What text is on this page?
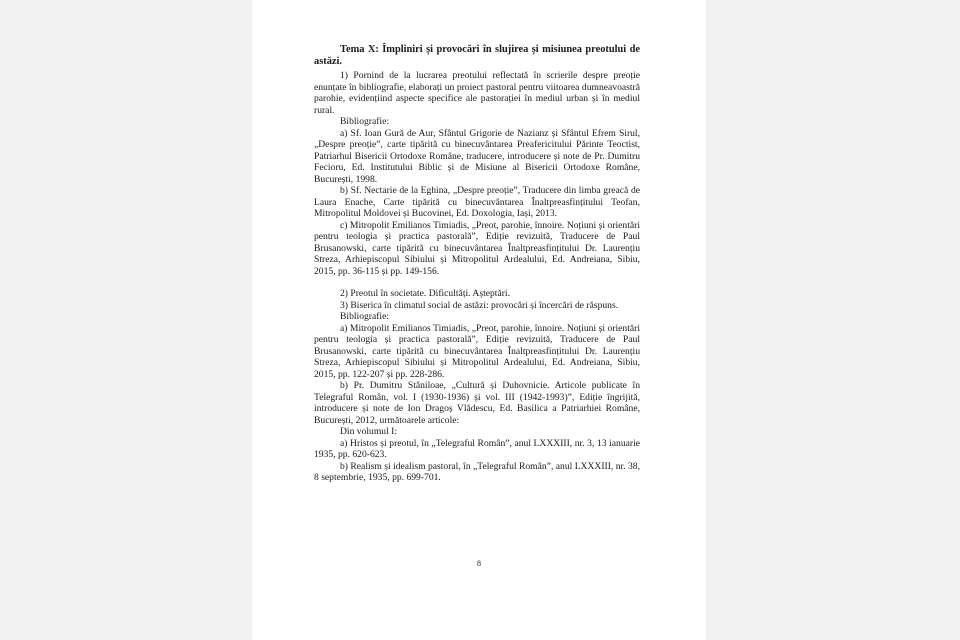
Tema X: Împliniri și provocări în slujirea și misiunea preotului de astăzi.

1) Pornind de la lucrarea preotului reflectată în scrierile despre preoție enunțate în bibliografie, elaborați un proiect pastoral pentru viitoarea dumneavoastră parohie, evidențiind aspecte specifice ale pastorației în mediul urban și în mediul rural.

Bibliografie:

a) Sf. Ioan Gură de Aur, Sfântul Grigorie de Nazianz și Sfântul Efrem Sirul, „Despre preoție”, carte tipărită cu binecuvântarea Preafericitului Părinte Teoctist, Patriarhul Bisericii Ortodoxe Române, traducere, introducere și note de Pr. Dumitru Fecioru, Ed. Institutului Biblic și de Misiune al Bisericii Ortodoxe Române, București, 1998.

b) Sf. Nectarie de la Eghina, „Despre preoție”, Traducere din limba greacă de Laura Enache, Carte tipărită cu binecuvântarea Înaltpreasfințitului Teofan, Mitropolitul Moldovei și Bucovinei, Ed. Doxologia, Iași, 2013.

c) Mitropolit Emilianos Timiadis, „Preot, parohie, înnoire. Noțiuni și orientări pentru teologia și practica pastorală”, Ediție revizuită, Traducere de Paul Brusanowski, carte tipărită cu binecuvântarea Înaltpreasfințitului Dr. Laurențiu Streza, Arhiepiscopul Sibiului și Mitropolitul Ardealului, Ed. Andreiana, Sibiu, 2015, pp. 36-115 și pp. 149-156.

2) Preotul în societate. Dificultăți. Așteptări.

3) Biserica în climatul social de astăzi: provocări și încercări de răspuns.

Bibliografie:

a) Mitropolit Emilianos Timiadis, „Preot, parohie, înnoire. Noțiuni și orientări pentru teologia și practica pastorală”, Ediție revizuită, Traducere de Paul Brusanowski, carte tipărită cu binecuvântarea Înaltpreasfințitului Dr. Laurențiu Streza, Arhiepiscopul Sibiului și Mitropolitul Ardealului, Ed. Andreiana, Sibiu, 2015, pp. 122-207 și pp. 228-286.

b) Pr. Dumitru Stăniloae, „Cultură și Duhovnicie. Articole publicate în Telegraful Român, vol. I (1930-1936) și vol. III (1942-1993)”, Ediție îngrijită, introducere și note de Ion Dragoș Vlădescu, Ed. Basilica a Patriarhiei Române, București, 2012, următoarele articole:

Din volumul I:

a) Hristos și preotul, în „Telegraful Român”, anul LXXXIII, nr. 3, 13 ianuarie 1935, pp. 620-623.

b) Realism și idealism pastoral, în „Telegraful Român”, anul LXXXIII, nr. 38, 8 septembrie, 1935, pp. 699-701.

8
